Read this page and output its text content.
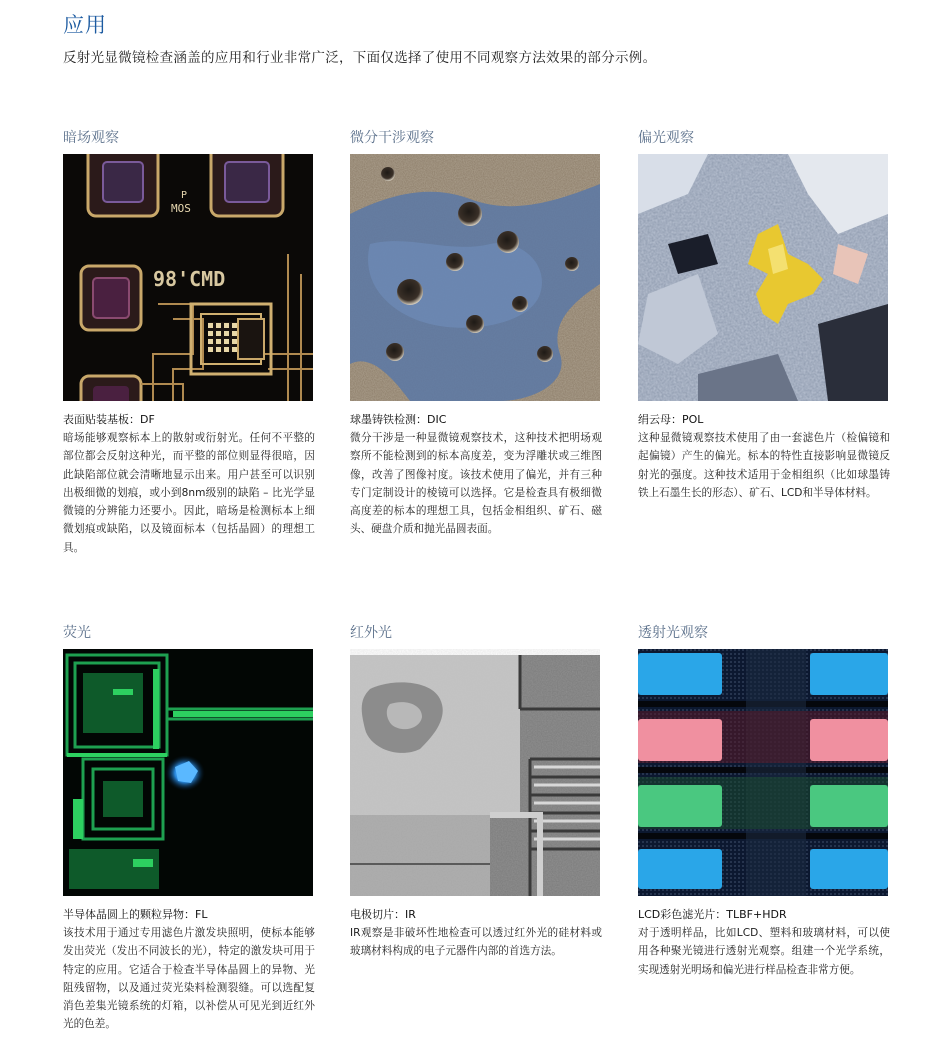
应用

反射光显微镜检查涵盖的应用和行业非常广泛，下面仅选择了使用不同观察方法效果的部分示例。

暗场观察
P
MOS
98'CMD

表面贴装基板：DF

暗场能够观察标本上的散射或衍射光。任何不平整的部位都会反射这种光，而平整的部位则显得很暗，因此缺陷部位就会清晰地显示出来。用户甚至可以识别出极细微的划痕，或小到8nm级别的缺陷 – 比光学显微镜的分辨能力还要小。因此，暗场是检测标本上细微划痕或缺陷，以及镜面标本（包括晶圆）的理想工具。

微分干涉观察

球墨铸铁检测：DIC

微分干涉是一种显微镜观察技术，这种技术把明场观察所不能检测到的标本高度差，变为浮雕状或三维图像，改善了图像衬度。该技术使用了偏光，并有三种专门定制设计的棱镜可以选择。它是检查具有极细微高度差的标本的理想工具，包括金相组织、矿石、磁头、硬盘介质和抛光晶圆表面。

偏光观察

绢云母：POL

这种显微镜观察技术使用了由一套滤色片（检偏镜和起偏镜）产生的偏光。标本的特性直接影响显微镜反射光的强度。这种技术适用于金相组织（比如球墨铸铁上石墨生长的形态）、矿石、LCD和半导体材料。

荧光

半导体晶圆上的颗粒异物：FL

该技术用于通过专用滤色片激发块照明，使标本能够发出荧光（发出不同波长的光），特定的激发块可用于特定的应用。它适合于检查半导体晶圆上的异物、光阻残留物，以及通过荧光染料检测裂缝。可以选配复消色差集光镜系统的灯箱，以补偿从可见光到近红外光的色差。

红外光

电极切片：IR

IR观察是非破坏性地检查可以透过红外光的硅材料或玻璃材料构成的电子元器件内部的首选方法。

透射光观察

LCD彩色滤光片：TLBF+HDR

对于透明样品，比如LCD、塑料和玻璃材料，可以使用各种聚光镜进行透射光观察。组建一个光学系统，实现透射光明场和偏光进行样品检查非常方便。
